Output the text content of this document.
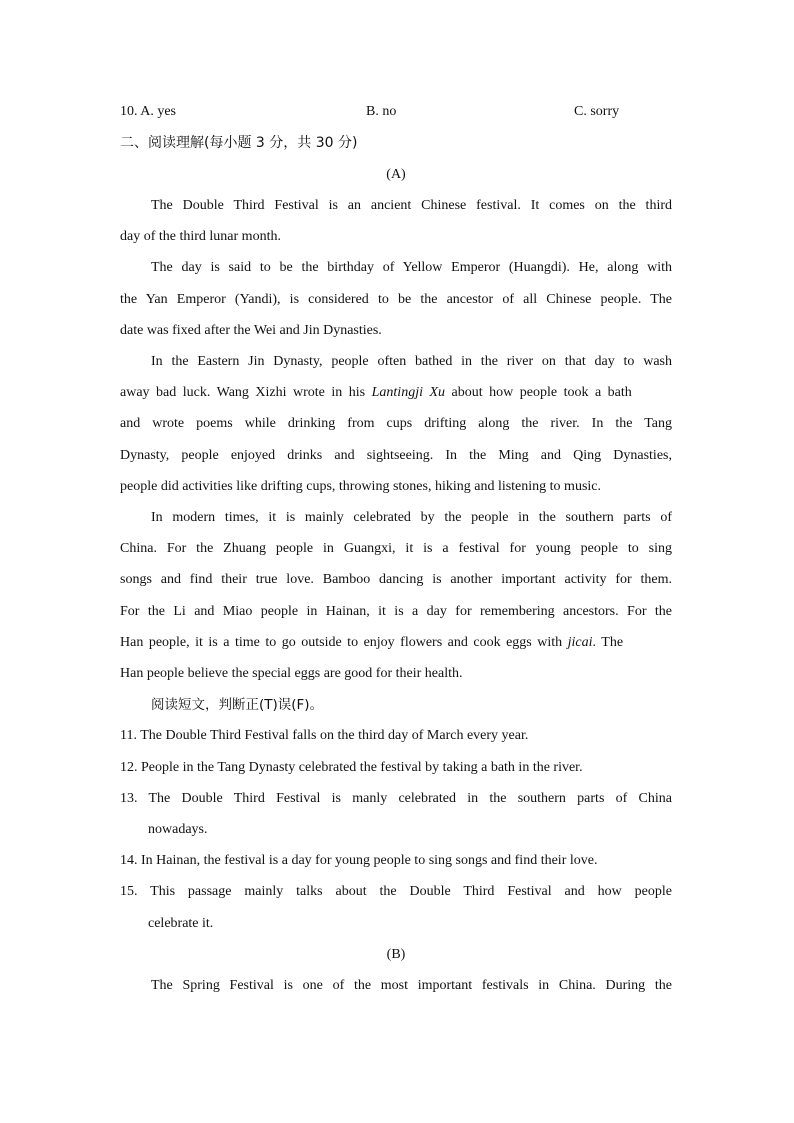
10. A. yes	B. no	C. sorry
二、阅读理解(每小题 3 分，共 30 分)
(A)
The Double Third Festival is an ancient Chinese festival. It comes on the third
day of the third lunar month.
The day is said to be the birthday of Yellow Emperor (Huangdi). He, along with
the Yan Emperor (Yandi), is considered to be the ancestor of all Chinese people. The
date was fixed after the Wei and Jin Dynasties.
In the Eastern Jin Dynasty, people often bathed in the river on that day to wash
away bad luck. Wang Xizhi wrote in his Lantingji Xu about how people took a bath
and wrote poems while drinking from cups drifting along the river. In the Tang
Dynasty, people enjoyed drinks and sightseeing. In the Ming and Qing Dynasties,
people did activities like drifting cups, throwing stones, hiking and listening to music.
In modern times, it is mainly celebrated by the people in the southern parts of
China. For the Zhuang people in Guangxi, it is a festival for young people to sing
songs and find their true love. Bamboo dancing is another important activity for them.
For the Li and Miao people in Hainan, it is a day for remembering ancestors. For the
Han people, it is a time to go outside to enjoy flowers and cook eggs with jicai. The
Han people believe the special eggs are good for their health.
阅读短文，判断正(T)误(F)。
11. The Double Third Festival falls on the third day of March every year.
12. People in the Tang Dynasty celebrated the festival by taking a bath in the river.
13. The Double Third Festival is manly celebrated in the southern parts of China
nowadays.
14. In Hainan, the festival is a day for young people to sing songs and find their love.
15. This passage mainly talks about the Double Third Festival and how people
celebrate it.
(B)
The Spring Festival is one of the most important festivals in China. During the
